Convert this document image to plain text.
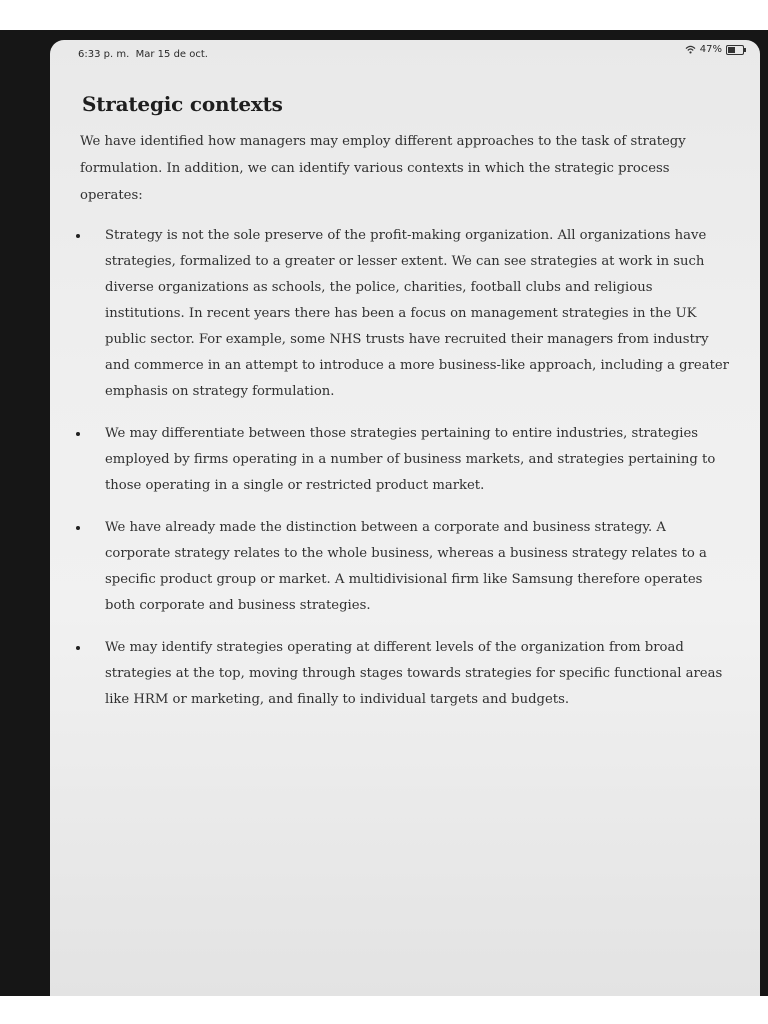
6:33 p. m. Mar 15 de oct.	47%
Strategic contexts

We have identified how managers may employ different approaches to the task of strategy formulation. In addition, we can identify various contexts in which the strategic process operates:

Strategy is not the sole preserve of the profit-making organization. All organizations have strategies, formalized to a greater or lesser extent. We can see strategies at work in such diverse organizations as schools, the police, charities, football clubs and religious institutions. In recent years there has been a focus on management strategies in the UK public sector. For example, some NHS trusts have recruited their managers from industry and commerce in an attempt to introduce a more business-like approach, including a greater emphasis on strategy formulation.
We may differentiate between those strategies pertaining to entire industries, strategies employed by firms operating in a number of business markets, and strategies pertaining to those operating in a single or restricted product market.
We have already made the distinction between a corporate and business strategy. A corporate strategy relates to the whole business, whereas a business strategy relates to a specific product group or market. A multidivisional firm like Samsung therefore operates both corporate and business strategies.
We may identify strategies operating at different levels of the organization from broad strategies at the top, moving through stages towards strategies for specific functional areas like HRM or marketing, and finally to individual targets and budgets.
